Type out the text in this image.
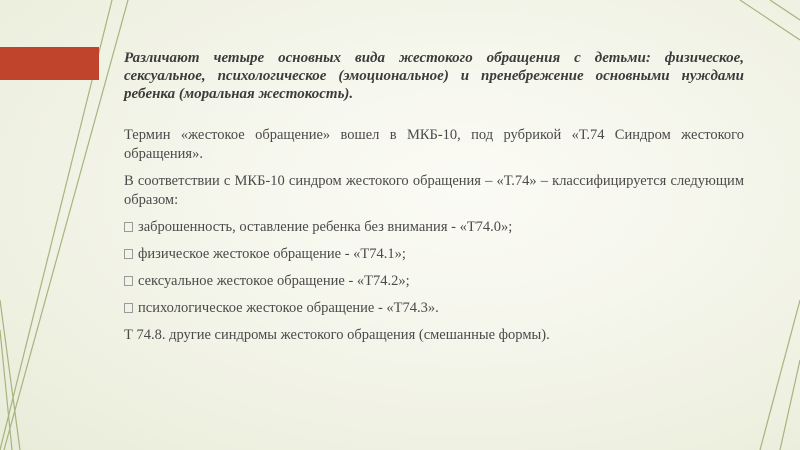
Различают четыре основных вида жестокого обращения с детьми: физическое, сексуальное, психологическое (эмоциональное) и пренебрежение основными нуждами ребенка (моральная жестокость).

Термин «жестокое обращение» вошел в МКБ-10, под рубрикой «Т.74 Синдром жестокого обращения».

В соответствии с МКБ-10 синдром жестокого обращения – «Т.74» – классифицируется следующим образом:

заброшенность, оставление ребенка без внимания - «Т74.0»;

физическое жестокое обращение - «Т74.1»;

сексуальное жестокое обращение - «Т74.2»;

психологическое жестокое обращение - «Т74.3».

Т 74.8. другие синдромы жестокого обращения (смешанные формы).
